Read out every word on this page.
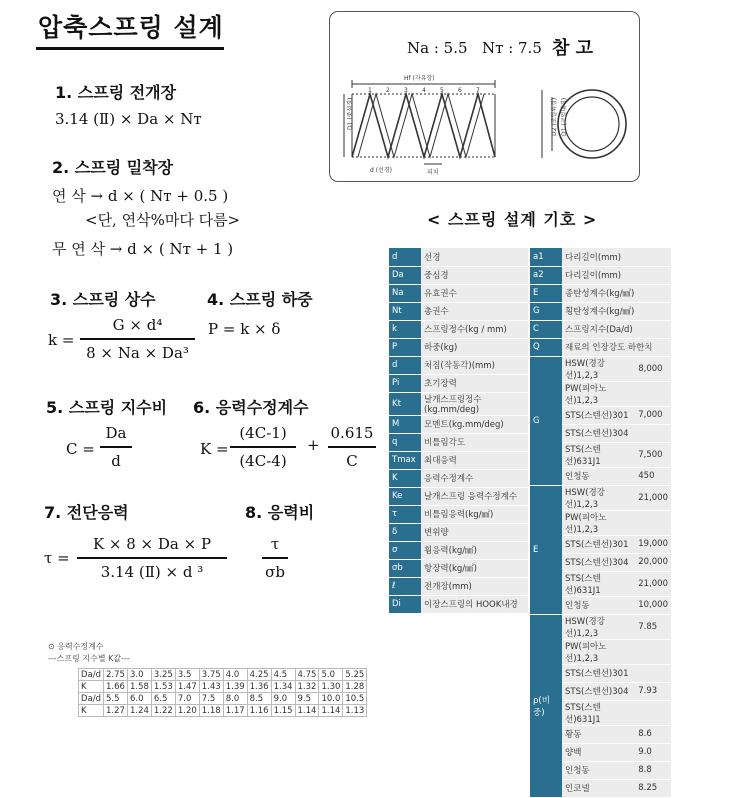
압축스프링 설계
1. 스프링 전개장
3.14 (Ⅱ) × Da × Nт
2. 스프링 밀착장
연 삭 → d × ( Nт + 0.5 )
<단, 연삭%마다 다름>
무 연 삭 → d × ( Nт + 1 )
3. 스프링 상수
k =
G × d⁴
8 × Na × Da³
4. 스프링 하중
P = k × δ
5. 스프링 지수비
C =
Da
d
6. 응력수정계수
K =
(4C-1)
(4C-4)
+
0.615
C
7. 전단응력
τ =
K × 8 × Da × P
3.14 (Ⅱ) × d ³
8. 응력비
τ
σb
Na : 5.5 Nт : 7.5 참 고
Hf (자유장)
D1 (중심경)
d (선경)	피치
D2 (코일외경) D1 (코일내경)
1 2 3 4 5 6 7
< 스프링 설계 기호 >
d	선경
Da	중심경
Na	유효권수
Nt	총권수
k	스프링정수(kg / mm)
P	하중(kg)
d	처짐(작동각)(mm)
Pi	초기장력
Kt	날개스프링정수(kg.mm/deg)
M	모멘트(kg.mm/deg)
q	비틀림각도
Tmax	최대응력
K	응력수정계수
Ke	날개스프링 응력수정계수
τ	비틀림응력(kg/㎟)
δ	변위량
σ	휨응력(kg/㎟)
σb	항장력(kg/㎟)
ℓ	전개장(mm)
Di	이장스프링의 HOOK내경
a1	다리길이(mm)	
a2	다리길이(mm)	
E	종탄성계수(kg/㎟)	
G	횡탄성계수(kg/㎟)	
C	스프링지수(Da/d)	
Q	재료의 인장강도 하한치	
G	HSW(경강선)1,2,3	8,000
	PW(피아노선)1,2,3	
	STS(스텐선)301	7,000
	STS(스텐선)304	
	STS(스텐선)631J1	7,500
	인청동	450
E	HSW(경강선)1,2,3	21,000
	PW(피아노선)1,2,3	
	STS(스텐선)301	19,000
	STS(스텐선)304	20,000
	STS(스텐선)631J1	21,000
	인청동	10,000
ρ(비중)	HSW(경강선)1,2,3	7.85
	PW(피아노선)1,2,3	
	STS(스텐선)301	
	STS(스텐선)304	7.93
	STS(스텐선)631J1	
	황동	8.6
	양백	9.0
	인청동	8.8
	인코넬	8.25
⊙ 응력수정계수
---스프링 지수별 K값---
Da/d	2.75	3.0	3.25	3.5	3.75	4.0	4.25	4.5	4.75	5.0	5.25
K	1.66	1.58	1.53	1.47	1.43	1.39	1.36	1.34	1.32	1.30	1.28
Da/d	5.5	6.0	6.5	7.0	7.5	8.0	8.5	9.0	9.5	10.0	10.5
K	1.27	1.24	1.22	1.20	1.18	1.17	1.16	1.15	1.14	1.14	1.13
